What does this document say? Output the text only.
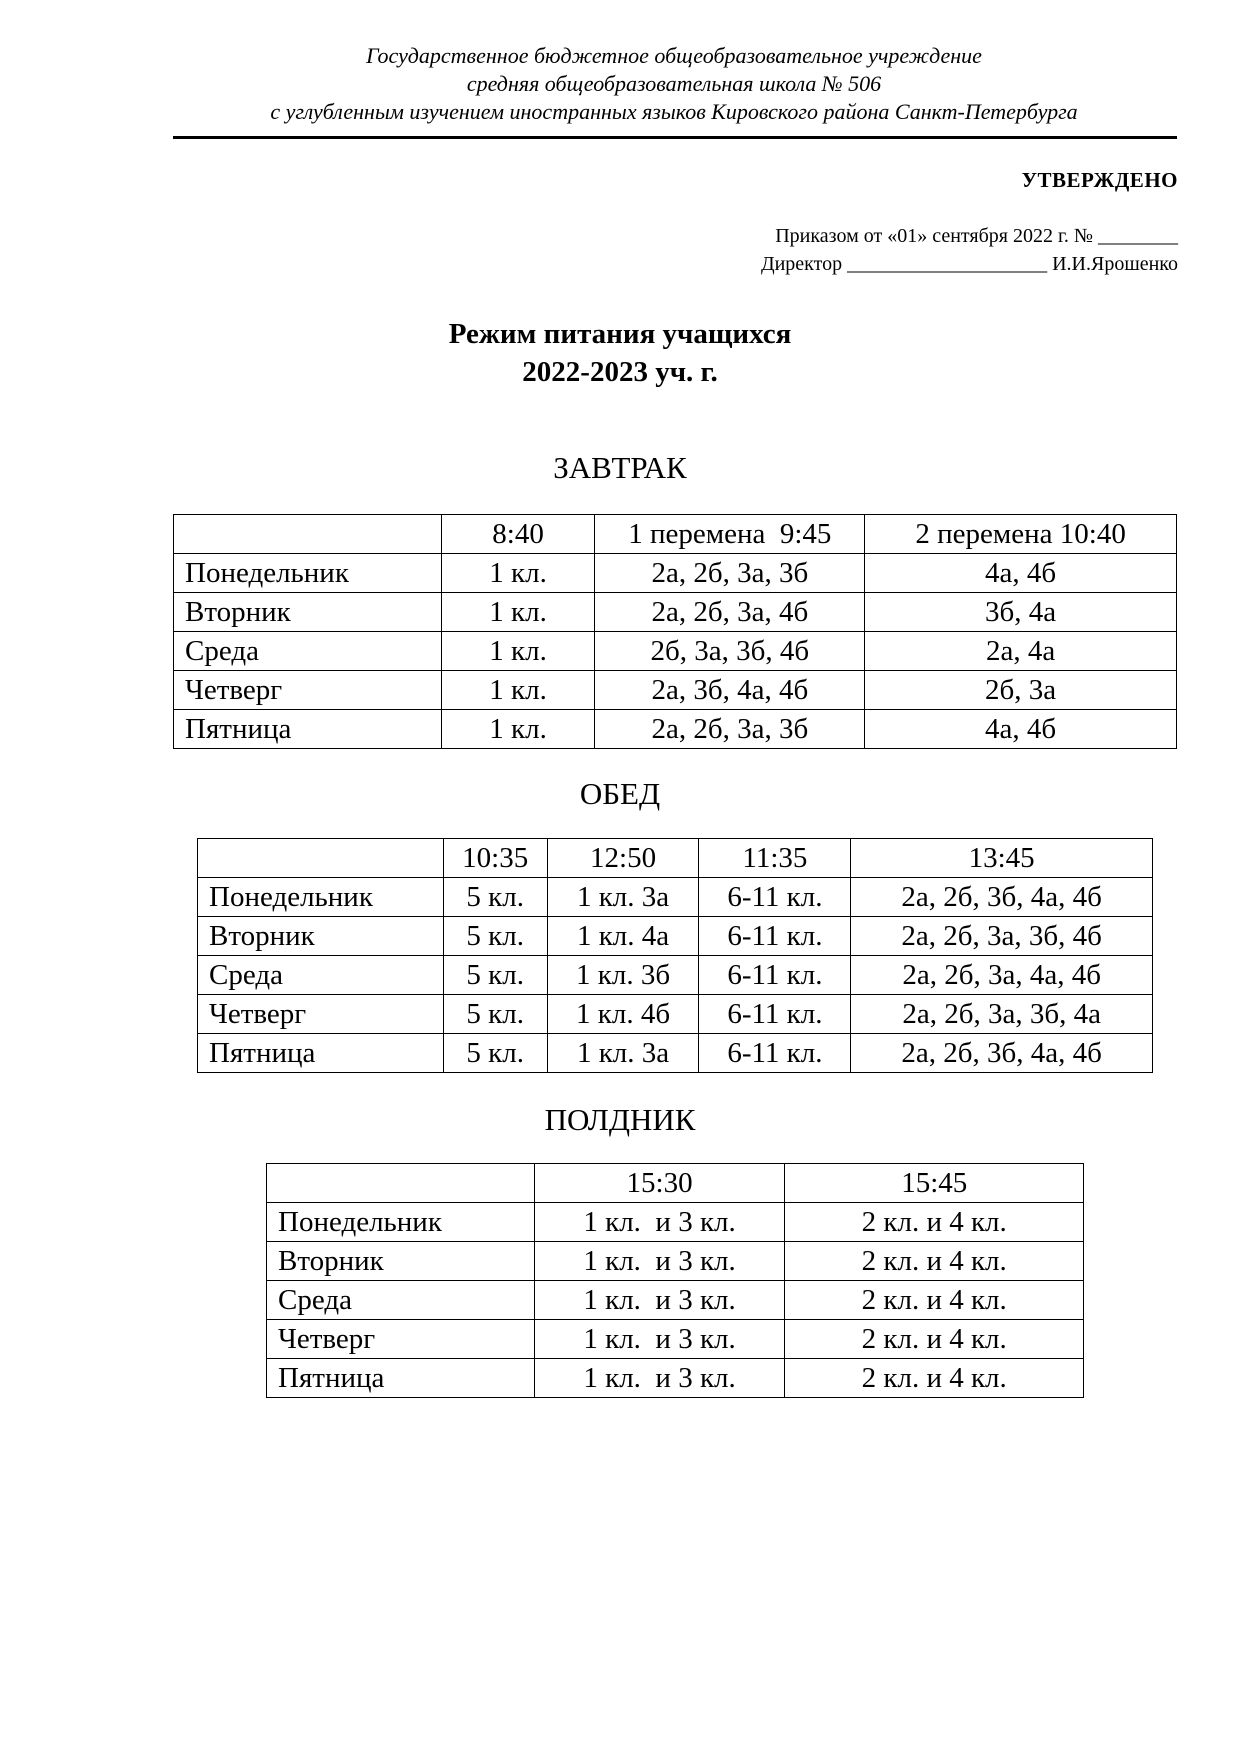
Государственное бюджетное общеобразовательное учреждение
средняя общеобразовательная школа № 506
с углубленным изучением иностранных языков Кировского района Санкт-Петербурга
УТВЕРЖДЕНО
Приказом от «01» сентября 2022 г. № ________
Директор ____________________ И.И.Ярошенко
Режим питания учащихся
2022-2023 уч. г.
ЗАВТРАК
	8:40	1 перемена  9:45	2 перемена 10:40
Понедельник	1 кл.	2а, 2б, 3а, 3б	4а, 4б
Вторник	1 кл.	2а, 2б, 3а, 4б	3б, 4а
Среда	1 кл.	2б, 3а, 3б, 4б	2а, 4а
Четверг	1 кл.	2а, 3б, 4а, 4б	2б, 3а
Пятница	1 кл.	2а, 2б, 3а, 3б	4а, 4б
ОБЕД
	10:35	12:50	11:35	13:45
Понедельник	5 кл.	1 кл. 3а	6-11 кл.	2а, 2б, 3б, 4а, 4б
Вторник	5 кл.	1 кл. 4а	6-11 кл.	2а, 2б, 3а, 3б, 4б
Среда	5 кл.	1 кл. 3б	6-11 кл.	2а, 2б, 3а, 4а, 4б
Четверг	5 кл.	1 кл. 4б	6-11 кл.	2а, 2б, 3а, 3б, 4а
Пятница	5 кл.	1 кл. 3а	6-11 кл.	2а, 2б, 3б, 4а, 4б
ПОЛДНИК
	15:30	15:45
Понедельник	1 кл.  и 3 кл.	2 кл. и 4 кл.
Вторник	1 кл.  и 3 кл.	2 кл. и 4 кл.
Среда	1 кл.  и 3 кл.	2 кл. и 4 кл.
Четверг	1 кл.  и 3 кл.	2 кл. и 4 кл.
Пятница	1 кл.  и 3 кл.	2 кл. и 4 кл.
